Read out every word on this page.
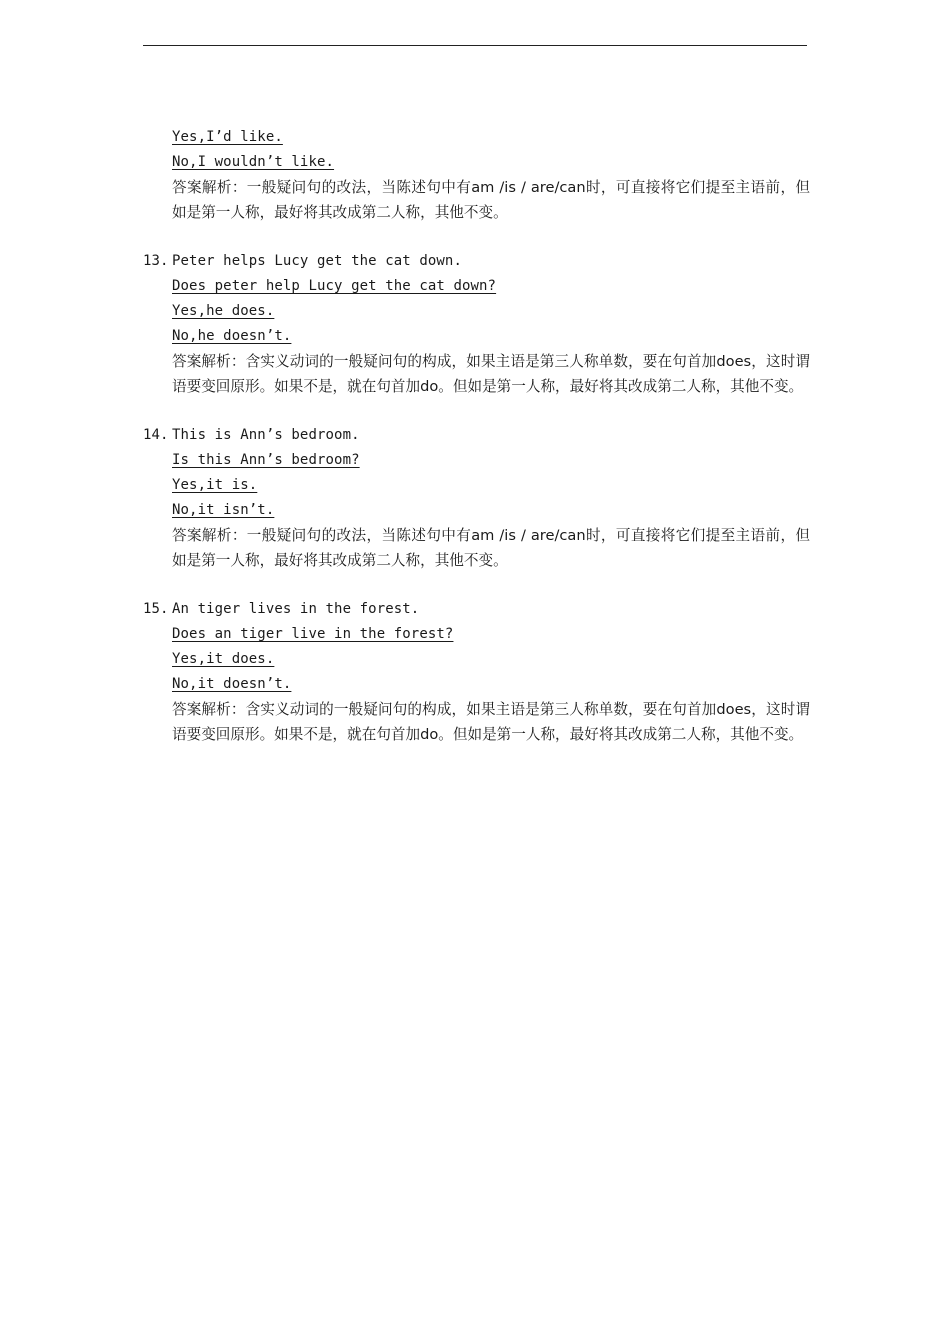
Yes,I’d like.
No,I wouldn’t like.
答案解析：一般疑问句的改法，当陈述句中有am /is / are/can时，可直接将它们提至主语前，但如是第一人称，最好将其改成第二人称，其他不变。
13. Peter helps Lucy get the cat down.
Does peter help Lucy get the cat down?
Yes,he does.
No,he doesn’t.
答案解析：含实义动词的一般疑问句的构成，如果主语是第三人称单数，要在句首加does，这时谓语要变回原形。如果不是，就在句首加do。但如是第一人称，最好将其改成第二人称，其他不变。
14. This is Ann’s bedroom.
Is this Ann’s bedroom?
Yes,it is.
No,it isn’t.
答案解析：一般疑问句的改法，当陈述句中有am /is / are/can时，可直接将它们提至主语前，但如是第一人称，最好将其改成第二人称，其他不变。
15. An tiger lives in the forest.
Does an tiger live in the forest?
Yes,it does.
No,it doesn’t.
答案解析：含实义动词的一般疑问句的构成，如果主语是第三人称单数，要在句首加does，这时谓语要变回原形。如果不是，就在句首加do。但如是第一人称，最好将其改成第二人称，其他不变。
